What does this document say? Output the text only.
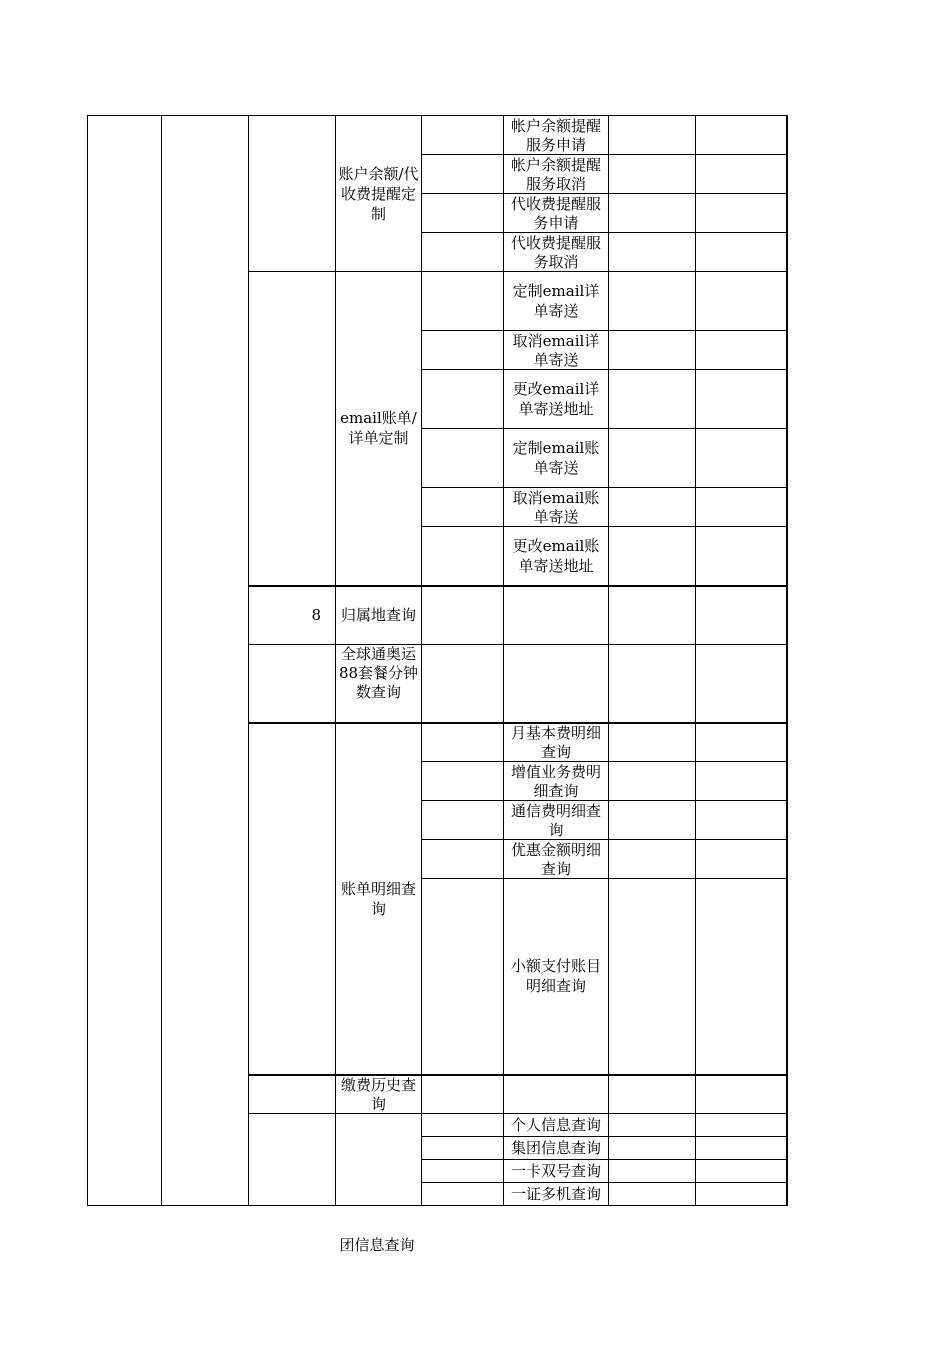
			账户余额/代收费提醒定制		帐户余额提醒服务申请		

					帐户余额提醒服务取消		

					代收费提醒服务申请		

					代收费提醒服务取消		

			email账单/详单定制		定制email详单寄送		

					取消email详单寄送		

					更改email详单寄送地址		
					定制email账单寄送		

					取消email账单寄送		

					更改email账单寄送地址		
		8	归属地查询				

			全球通奥运88套餐分钟数查询				

			账单明细查询		月基本费明细查询		

					增值业务费明细查询		

					通信费明细查询		

					优惠金额明细查询		

					小额支付账目明细查询		

			缴费历史查询				

					个人信息查询		
					集团信息查询		
					一卡双号查询		
					一证多机查询		
团信息查询
